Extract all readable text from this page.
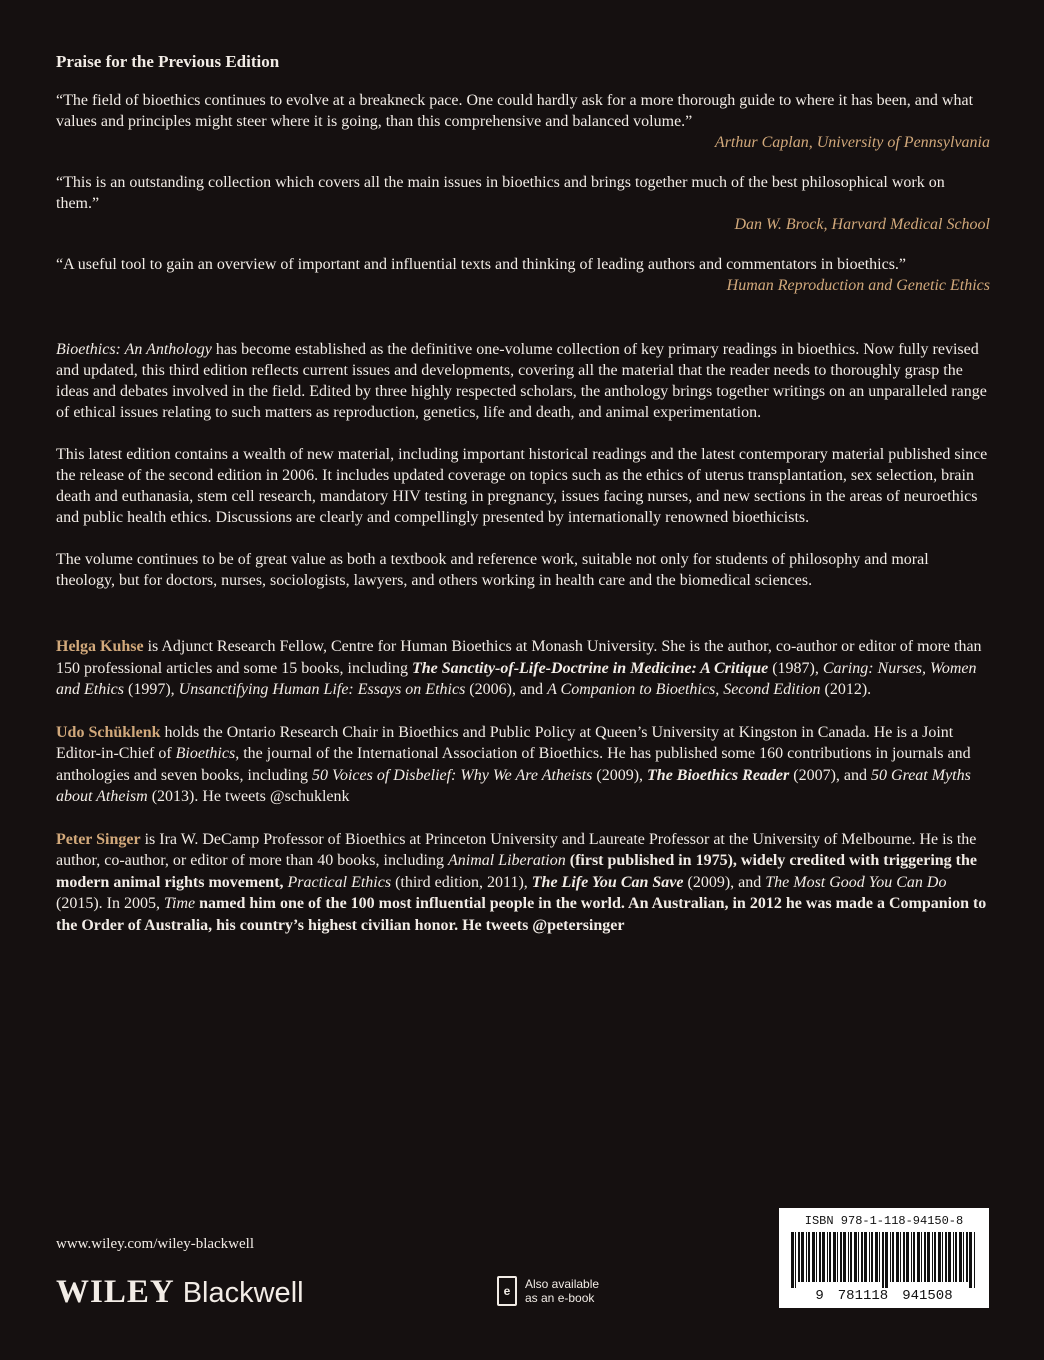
Praise for the Previous Edition
“The field of bioethics continues to evolve at a breakneck pace. One could hardly ask for a more thorough guide to where it has been, and what values and principles might steer where it is going, than this comprehensive and balanced volume.”
Arthur Caplan, University of Pennsylvania
“This is an outstanding collection which covers all the main issues in bioethics and brings together much of the best philosophical work on them.”
Dan W. Brock, Harvard Medical School
“A useful tool to gain an overview of important and influential texts and thinking of leading authors and commentators in bioethics.”
Human Reproduction and Genetic Ethics

Bioethics: An Anthology has become established as the definitive one-volume collection of key primary readings in bioethics. Now fully revised and updated, this third edition reflects current issues and developments, covering all the material that the reader needs to thoroughly grasp the ideas and debates involved in the field. Edited by three highly respected scholars, the anthology brings together writings on an unparalleled range of ethical issues relating to such matters as reproduction, genetics, life and death, and animal experimentation.

This latest edition contains a wealth of new material, including important historical readings and the latest contemporary material published since the release of the second edition in 2006. It includes updated coverage on topics such as the ethics of uterus transplantation, sex selection, brain death and euthanasia, stem cell research, mandatory HIV testing in pregnancy, issues facing nurses, and new sections in the areas of neuroethics and public health ethics. Discussions are clearly and compellingly presented by internationally renowned bioethicists.

The volume continues to be of great value as both a textbook and reference work, suitable not only for students of philosophy and moral theology, but for doctors, nurses, sociologists, lawyers, and others working in health care and the biomedical sciences.

Helga Kuhse is Adjunct Research Fellow, Centre for Human Bioethics at Monash University. She is the author, co-author or editor of more than 150 professional articles and some 15 books, including The Sanctity-of-Life-Doctrine in Medicine: A Critique (1987), Caring: Nurses, Women and Ethics (1997), Unsanctifying Human Life: Essays on Ethics (2006), and A Companion to Bioethics, Second Edition (2012).

Udo Schüklenk holds the Ontario Research Chair in Bioethics and Public Policy at Queen’s University at Kingston in Canada. He is a Joint Editor-in-Chief of Bioethics, the journal of the International Association of Bioethics. He has published some 160 contributions in journals and anthologies and seven books, including 50 Voices of Disbelief: Why We Are Atheists (2009), The Bioethics Reader (2007), and 50 Great Myths about Atheism (2013). He tweets @schuklenk

Peter Singer is Ira W. DeCamp Professor of Bioethics at Princeton University and Laureate Professor at the University of Melbourne. He is the author, co-author, or editor of more than 40 books, including Animal Liberation (first published in 1975), widely credited with triggering the modern animal rights movement, Practical Ethics (third edition, 2011), The Life You Can Save (2009), and The Most Good You Can Do (2015). In 2005, Time named him one of the 100 most influential people in the world. An Australian, in 2012 he was made a Companion to the Order of Australia, his country’s highest civilian honor. He tweets @petersinger

www.wiley.com/wiley-blackwell
WILEY Blackwell	e	Also available as an e-book
ISBN 978-1-118-94150-8
9 781118 941508
